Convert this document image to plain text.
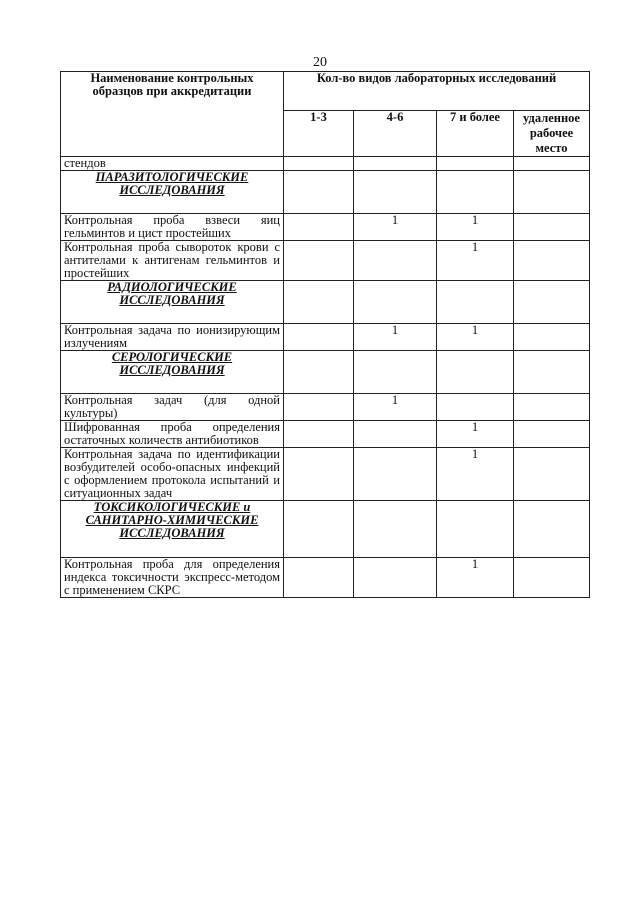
20
Наименование контрольных образцов при аккредитации	Кол-во видов лабораторных исследований			
	1-3	4-6	7 и более	удаленное рабочее место
стендов				
ПАРАЗИТОЛОГИЧЕСКИЕ ИССЛЕДОВАНИЯ				
Контрольная проба взвеси яиц гельминтов и цист простейших		1	1	
Контрольная проба сывороток крови с антителами к антигенам гельминтов и простейших			1	
РАДИОЛОГИЧЕСКИЕ ИССЛЕДОВАНИЯ				
Контрольная задача по ионизирующим излучениям		1	1	
СЕРОЛОГИЧЕСКИЕ ИССЛЕДОВАНИЯ				
Контрольная задач (для одной культуры)		1		
Шифрованная проба определения остаточных количеств антибиотиков			1	
Контрольная задача по идентификации возбудителей особо-опасных инфекций с оформлением протокола испытаний и ситуационных задач			1	
ТОКСИКОЛОГИЧЕСКИЕ и САНИТАРНО-ХИМИЧЕСКИЕ ИССЛЕДОВАНИЯ				
Контрольная проба для определения индекса токсичности экспресс-методом с применением СКРС			1	
